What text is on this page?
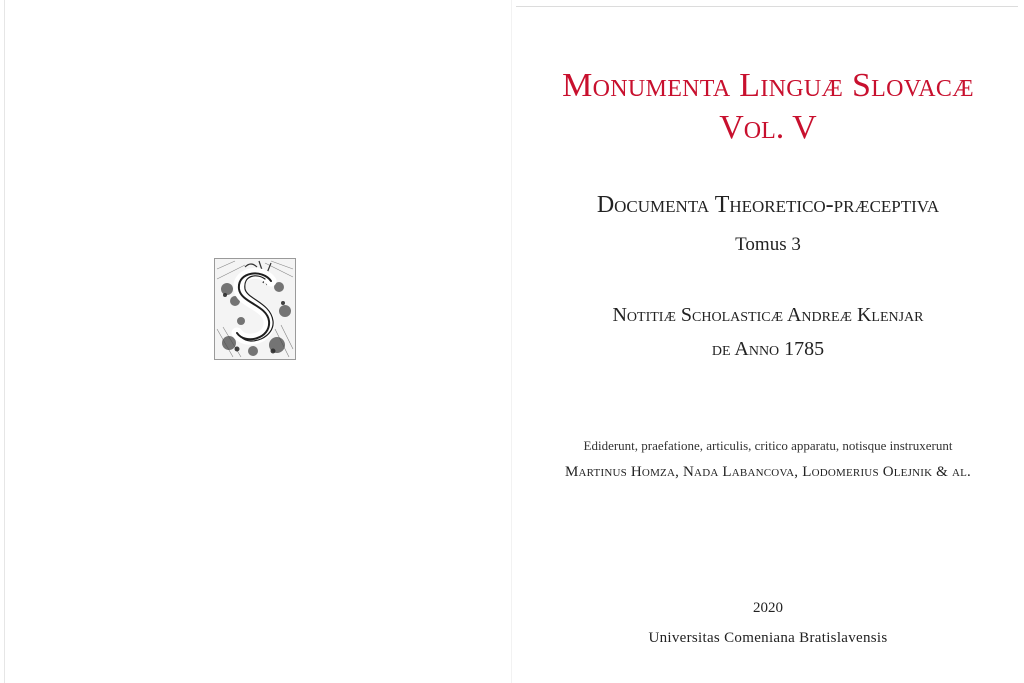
Monumenta Linguæ Slovacæ
Vol. V
Documenta Theoretico-præceptiva
Tomus 3
Notitiæ Scholasticæ Andreæ Klenjar
de Anno 1785
Ediderunt, praefatione, articulis, critico apparatu, notisque instruxerunt
Martinus Homza, Nada Labancova, Lodomerius Olejnik & al.
2020
Universitas Comeniana Bratislavensis
